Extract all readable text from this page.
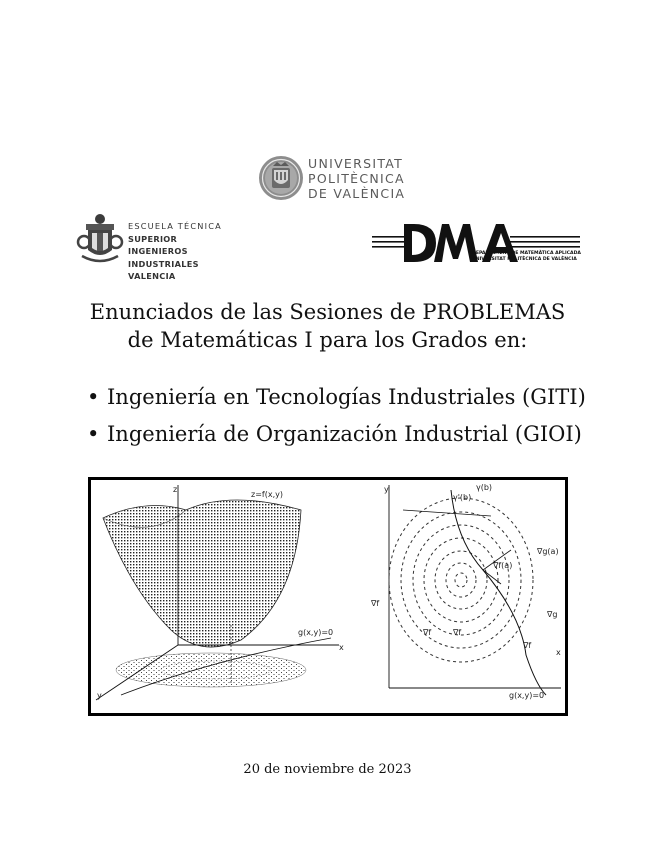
UNIVERSITAT
POLITÈCNICA
DE VALÈNCIA
ESCUELA TÉCNICA
SUPERIOR INGENIEROS
INDUSTRIALES VALENCIA
DEPARTAMENT DE MATEMÀTICA APLICADA
UNIVERSITAT POLITÈCNICA DE VALÈNCIA
Enunciados de las Sesiones de PROBLEMAS
de Matemáticas I para los Grados en:
• Ingeniería en Tecnologías Industriales (GITI)
• Ingeniería de Organización Industrial (GIOI)
z
z=f(x,y)
g(x,y)=0
x
y
y
∇f
γ(b)
γ'(b)
∇g(a)
∇f(a)
∇f	∇f
∇g
∇f
x
g(x,y)=0
20 de noviembre de 2023
